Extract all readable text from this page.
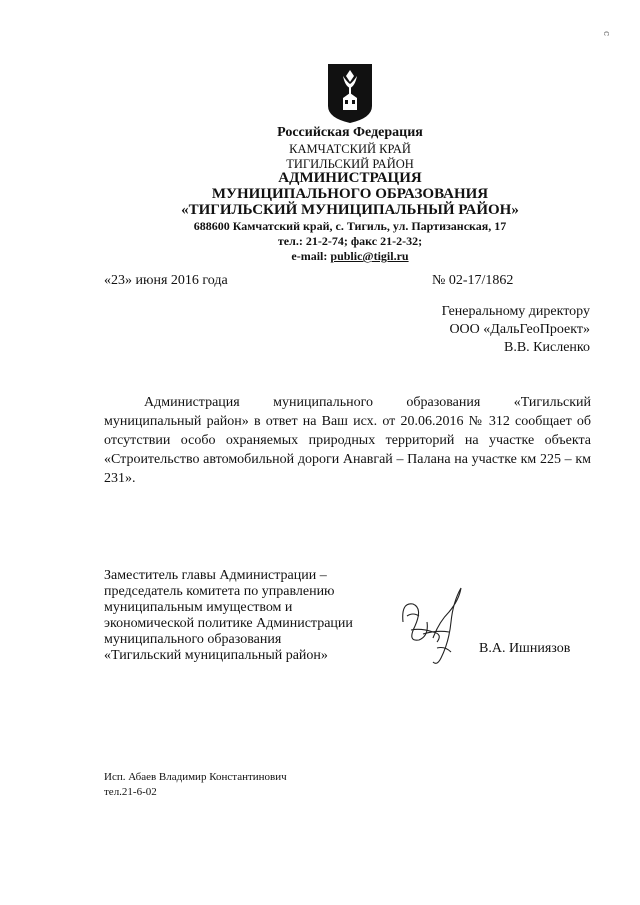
Российская Федерация
КАМЧАТСКИЙ КРАЙ
ТИГИЛЬСКИЙ РАЙОН
АДМИНИСТРАЦИЯ
МУНИЦИПАЛЬНОГО ОБРАЗОВАНИЯ
«ТИГИЛЬСКИЙ МУНИЦИПАЛЬНЫЙ РАЙОН»
688600 Камчатский край, с. Тигиль, ул. Партизанская, 17
тел.: 21-2-74; факс 21-2-32;
e-mail: public@tigil.ru
«23» июня 2016 года	№ 02-17/1862
Генеральному директору
ООО «ДальГеоПроект»
В.В. Кисленко
Администрация муниципального образования «Тигильский муниципальный район» в ответ на Ваш исх. от 20.06.2016 № 312 сообщает об отсутствии особо охраняемых природных территорий на участке объекта «Строительство автомобильной дороги Анавгай – Палана на участке км 225 – км 231».
Заместитель главы Администрации –
председатель комитета по управлению
муниципальным имуществом и
экономической политике Администрации
муниципального образования
«Тигильский муниципальный район»	В.А. Ишниязов
Исп. Абаев Владимир Константинович
тел.21-6-02
ⅽ
